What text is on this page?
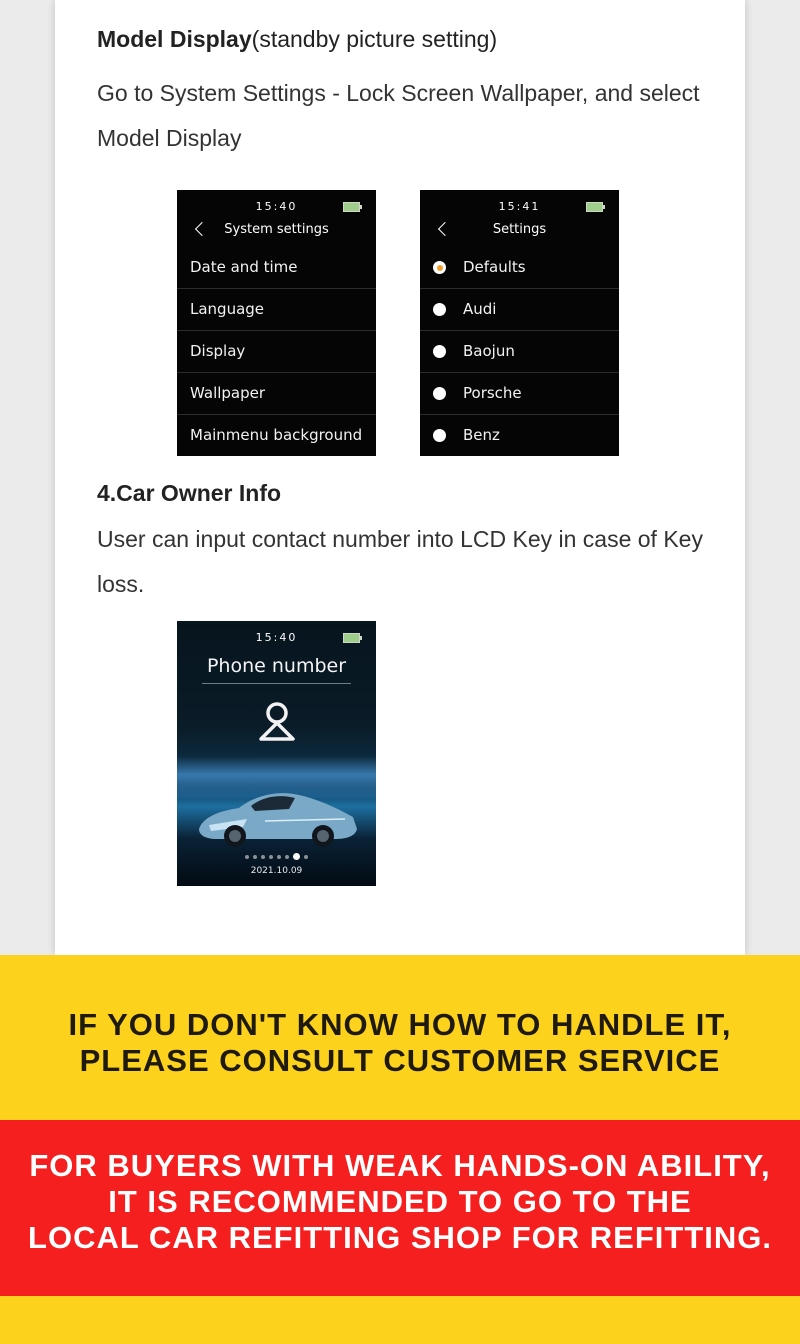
Model Display(standby picture setting)
Go to System Settings - Lock Screen Wallpaper, and select
Model Display
15:40
System settings
Date and time
Language
Display
Wallpaper
Mainmenu background
15:41
Settings
Defaults
Audi
Baojun
Porsche
Benz
4.Car Owner Info
User can input contact number into LCD Key in case of Key
loss.
15:40
Phone number

2021.10.09
IF YOU DON'T KNOW HOW TO HANDLE IT,
PLEASE CONSULT CUSTOMER SERVICE
FOR BUYERS WITH WEAK HANDS-ON ABILITY,
IT IS RECOMMENDED TO GO TO THE
LOCAL CAR REFITTING SHOP FOR REFITTING.
